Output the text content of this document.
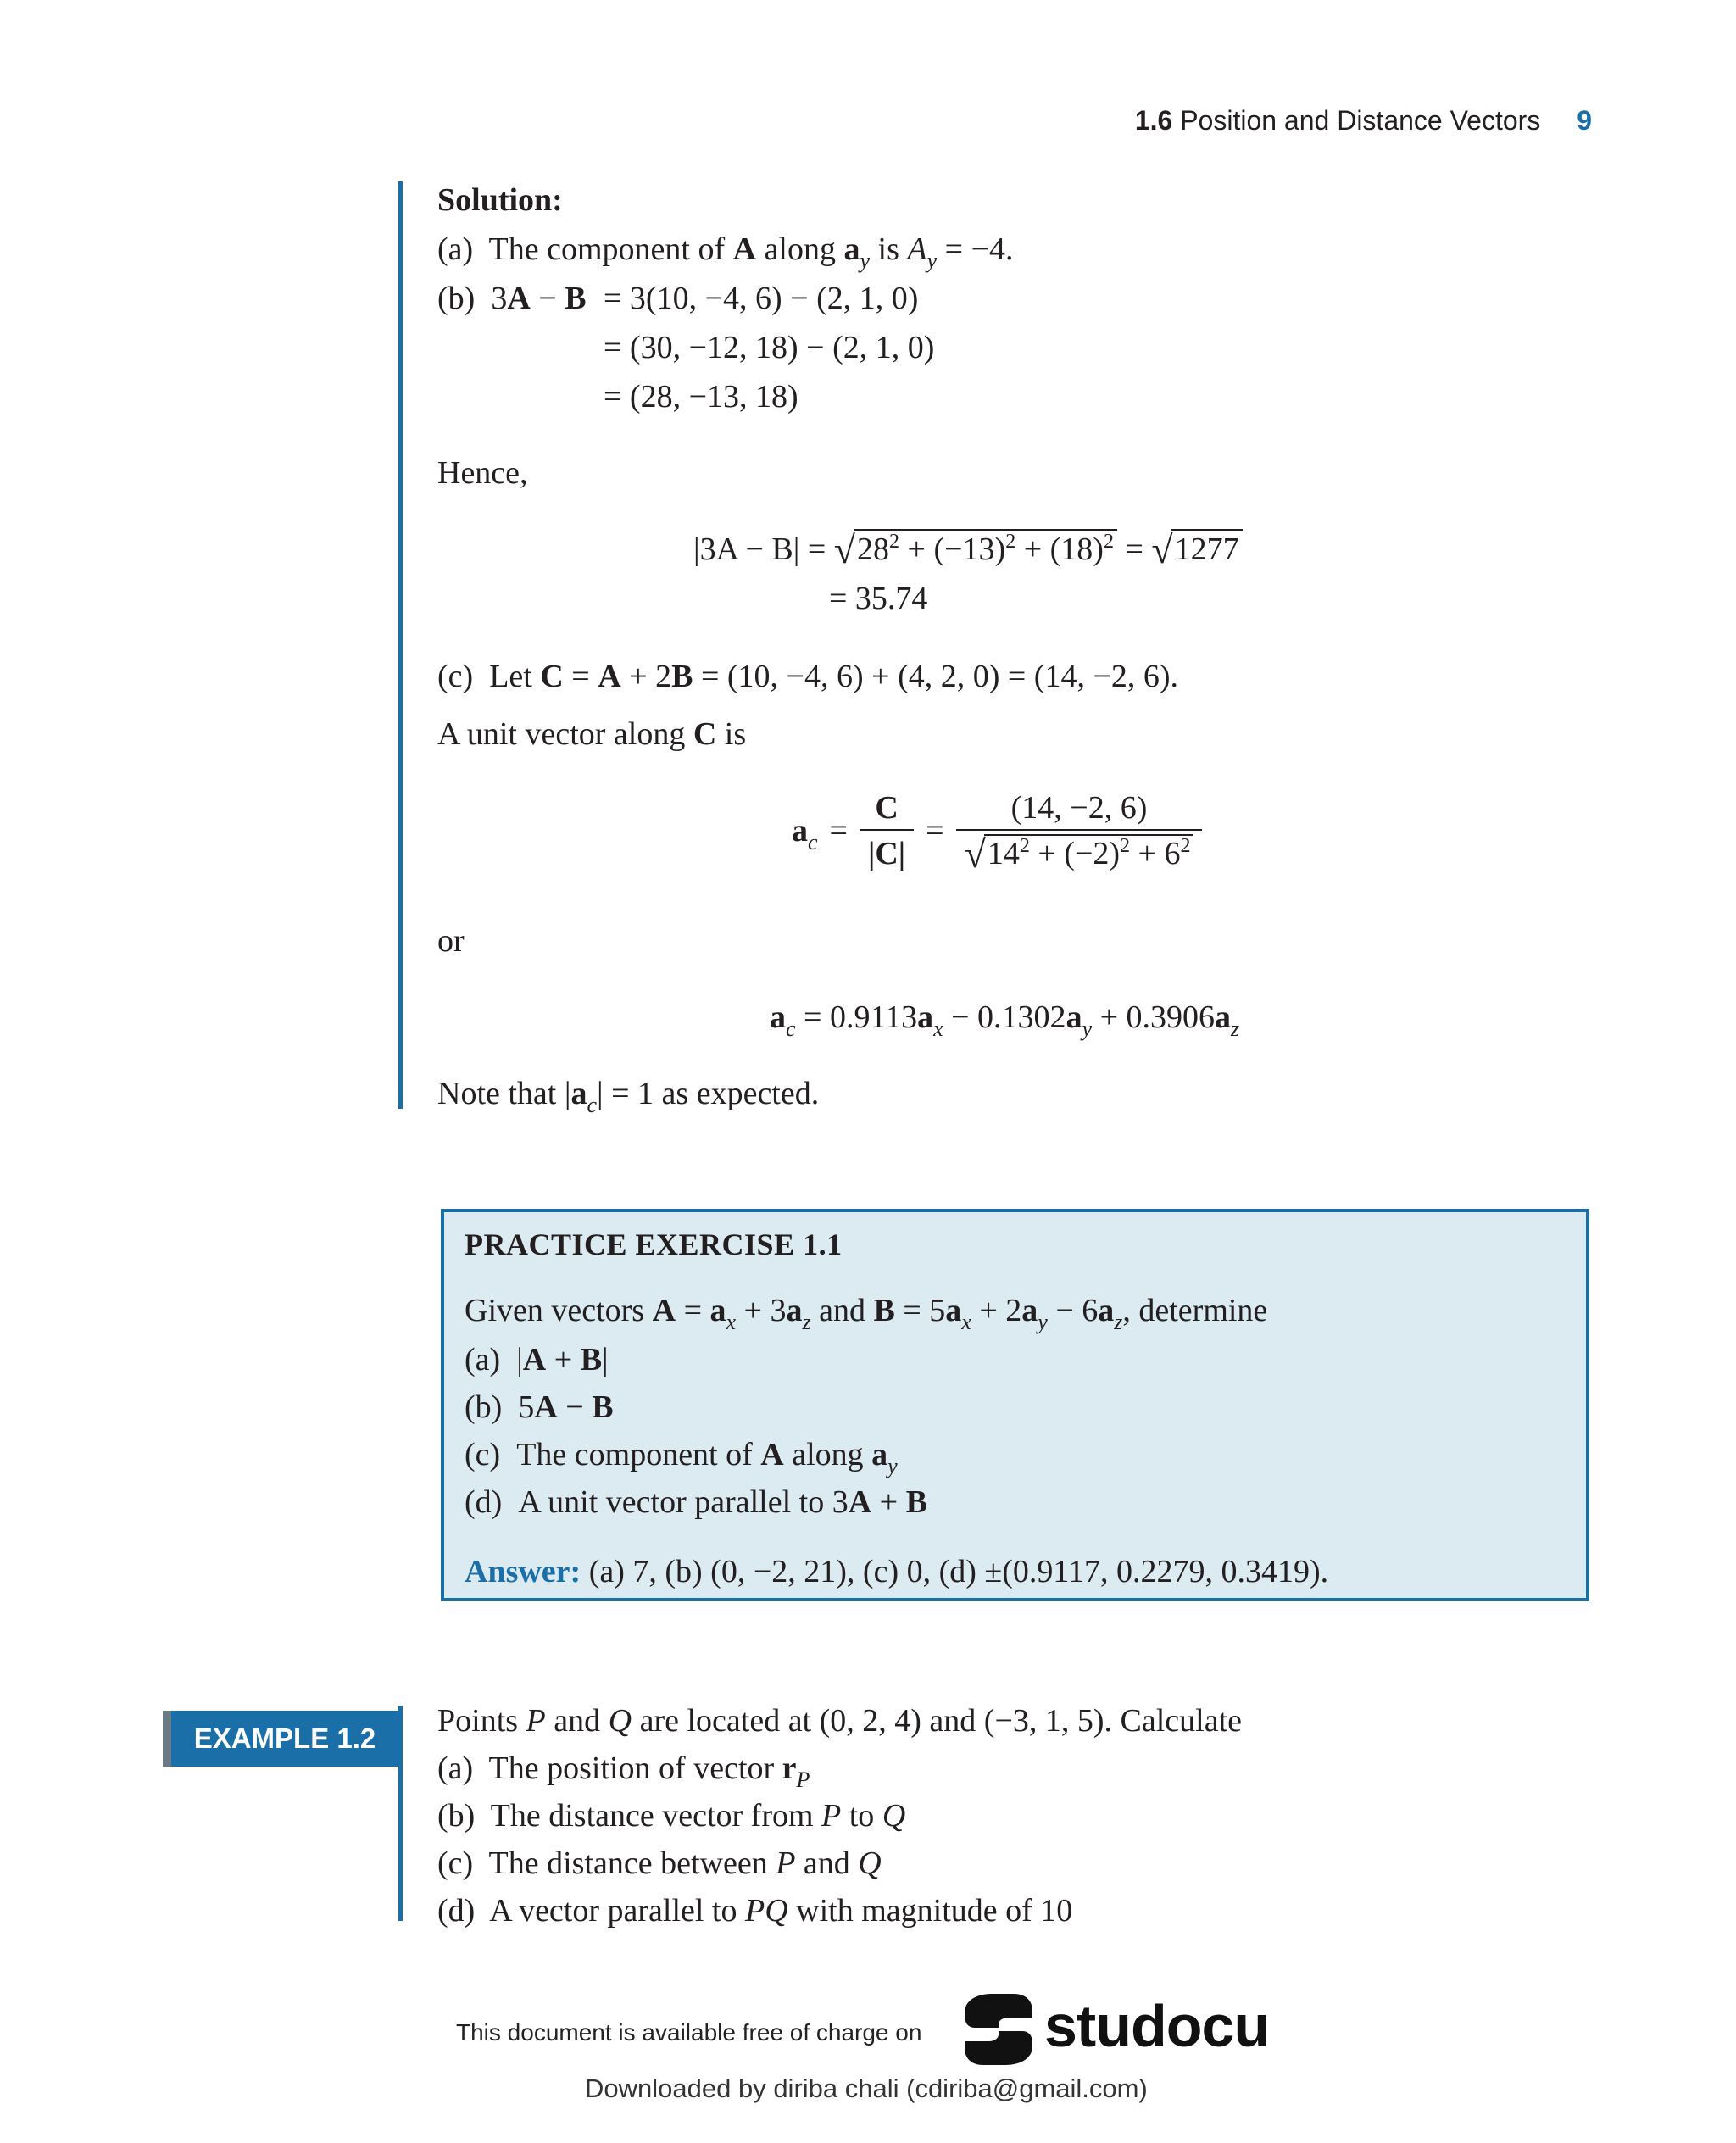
1.6 Position and Distance Vectors 9
Solution:
(a) The component of A along $a_y$ is $A_y = -4$.
(b) 3A − B = 3(10, −4, 6) − (2, 1, 0)
= (30, −12, 18) − (2, 1, 0)
= (28, −13, 18)
Hence,
$|3A - B| = √28^2 + (-13)^2 + (18)^2 = √1277$
= 35.74
(c) Let C = A + 2B = (10, −4, 6) + (4, 2, 0) = (14, −2, 6).
A unit vector along C is
$a_c = \frac{C}{|C|} = \frac{(14, -2, 6)}{√14^2 + (-2)^2 + 6^2}$
or
$a_c = 0.9113a_x - 0.1302a_y + 0.3906a_z$
Note that $|a_c| = 1$ as expected.
PRACTICE EXERCISE 1.1
Given vectors $A = a_x + 3a_z$ and $B = 5a_x + 2a_y - 6a_z$, determine
(a) |A + B|
(b) 5A − B
(c) The component of A along $a_y$
(d) A unit vector parallel to 3A + B
Answer: (a) 7, (b) (0, −2, 21), (c) 0, (d) ±(0.9117, 0.2279, 0.3419).
EXAMPLE 1.2	Points P and Q are located at (0, 2, 4) and (−3, 1, 5). Calculate
(a) The position of vector $r_P$
(b) The distance vector from P to Q
(c) The distance between P and Q
(d) A vector parallel to PQ with magnitude of 10
This document is available free of charge on studocu
Downloaded by diriba chali (cdiriba@gmail.com)
